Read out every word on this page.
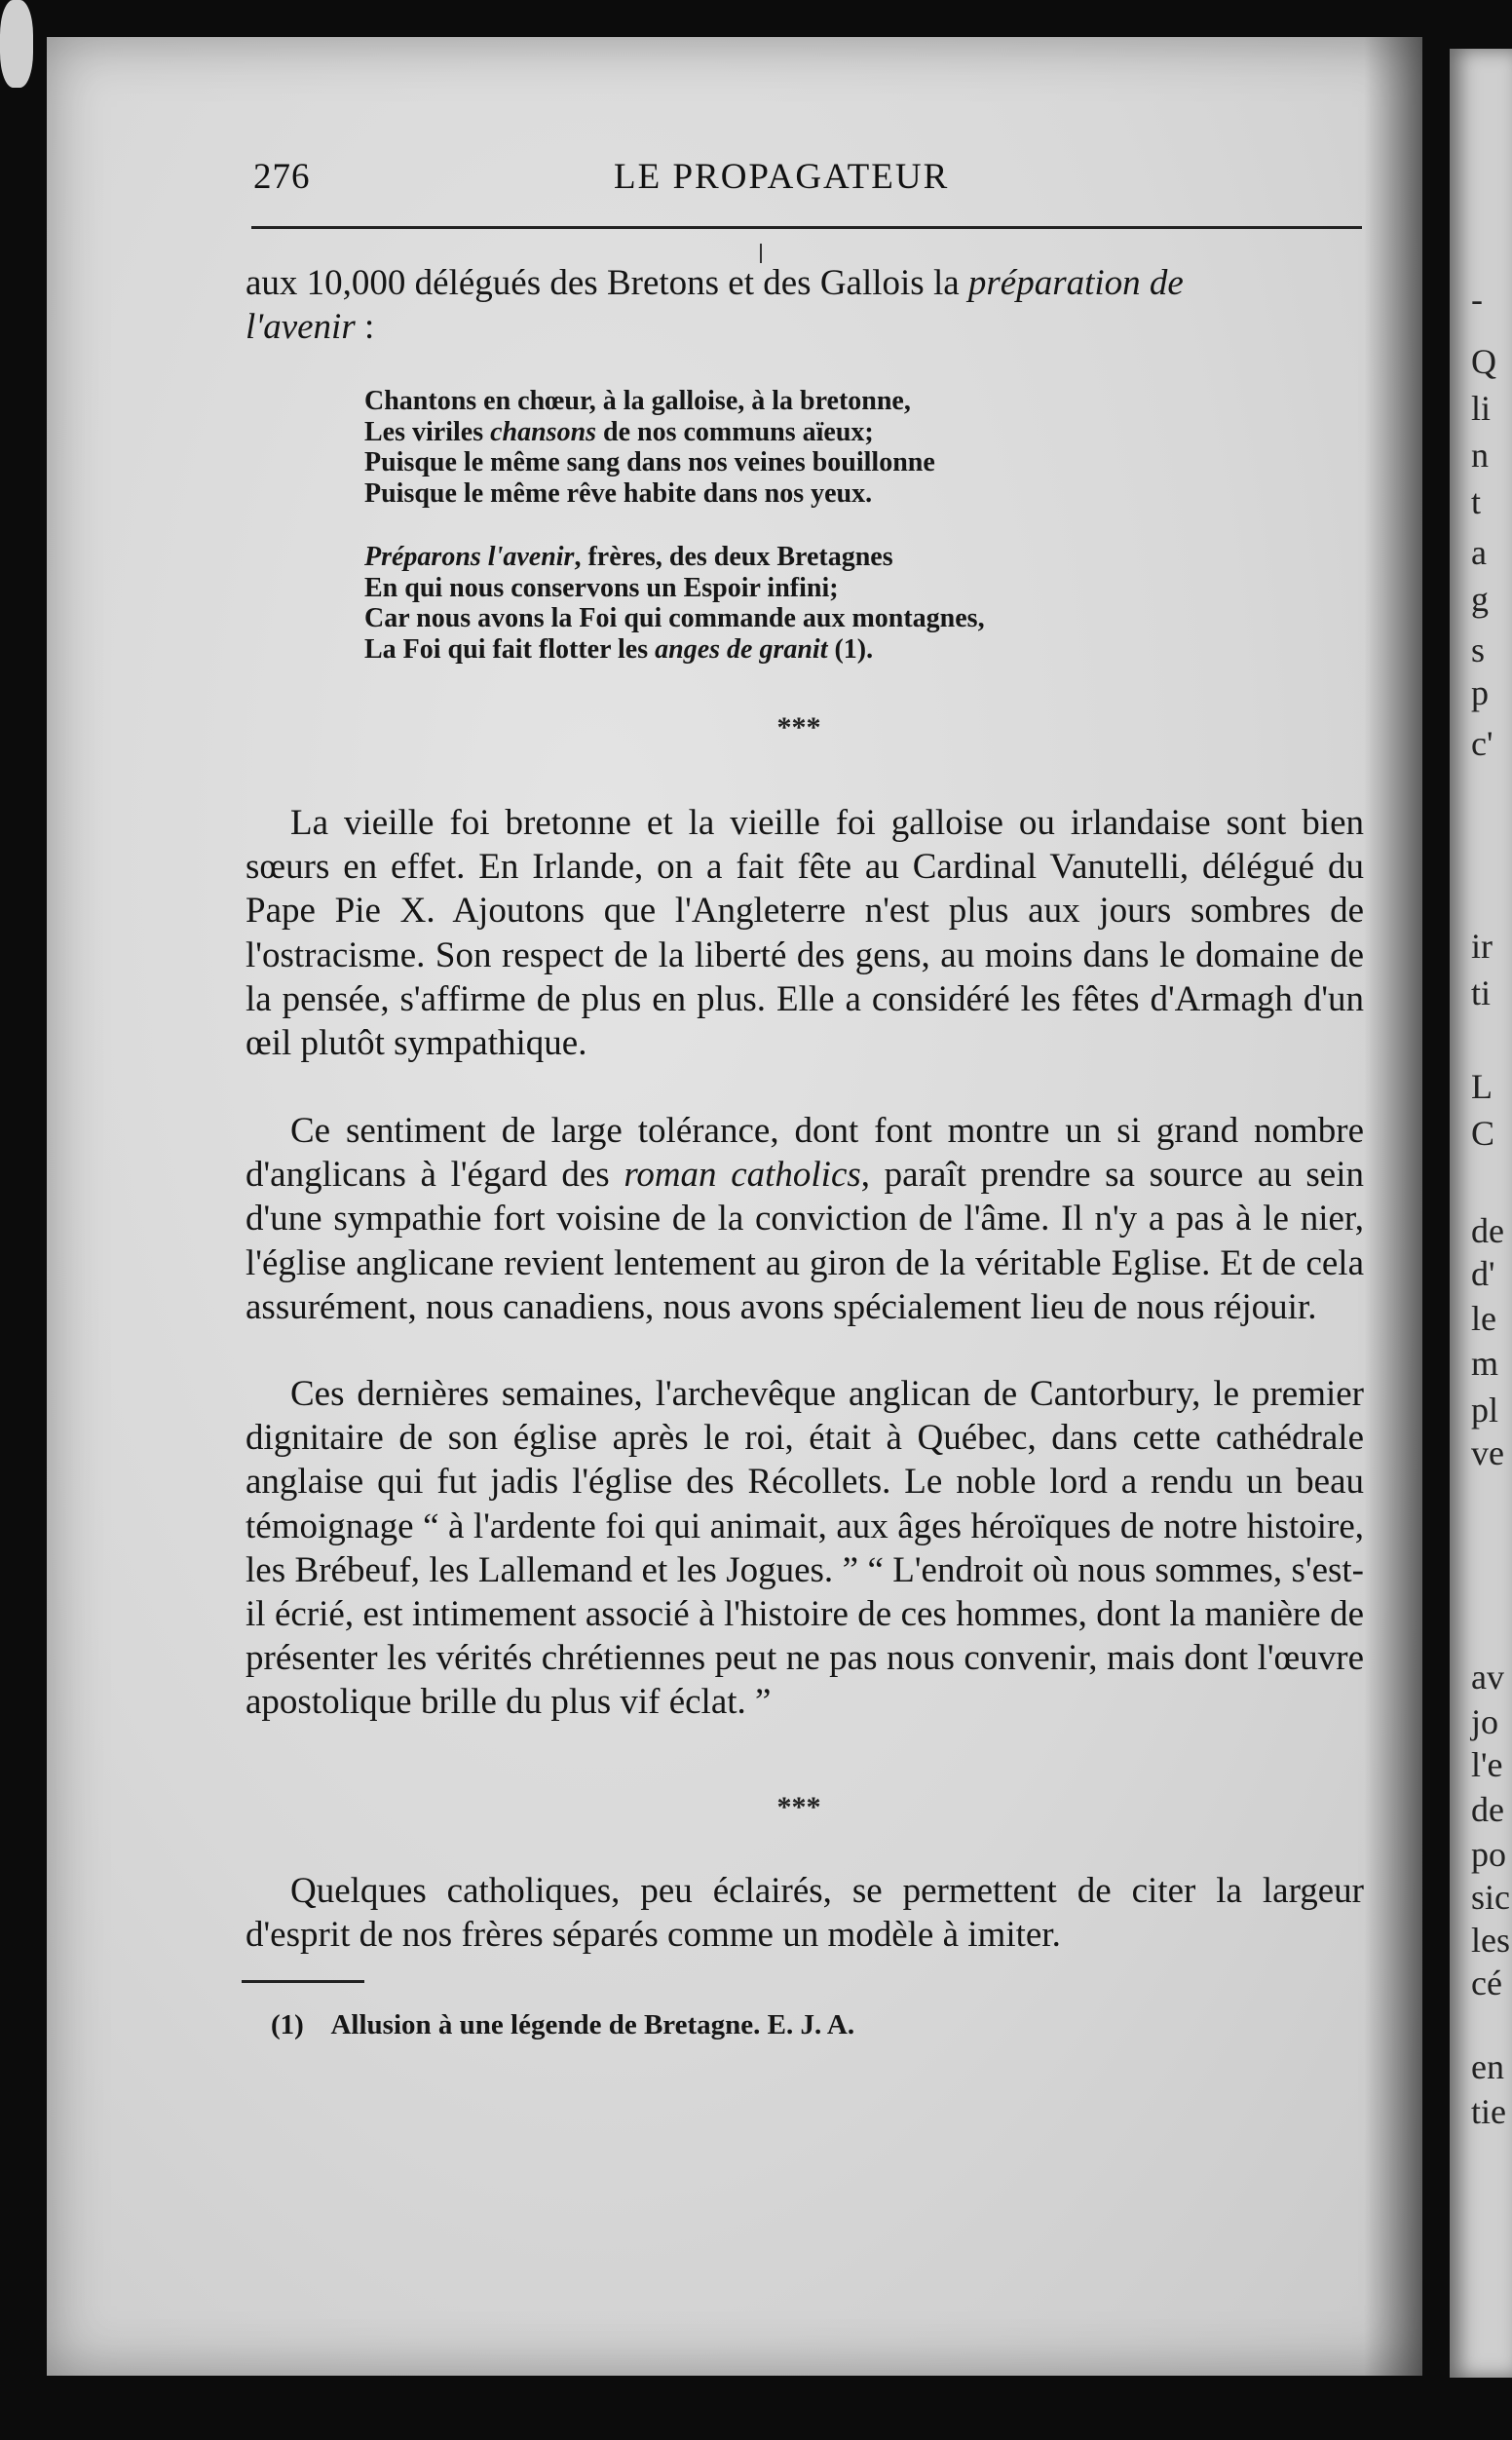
-
Q
li
n
t
a
g
s
p
c'
ir
ti
L
C
de
d'
le
m
pl
ve
av
jo
l'e
de
po
sic
les
cé
en
tie
276	LE PROPAGATEUR
aux 10,000 délégués des Bretons et des Gallois la préparation de
l'avenir :
Chantons en chœur, à la galloise, à la bretonne,
Les viriles chansons de nos communs aïeux;
Puisque le même sang dans nos veines bouillonne
Puisque le même rêve habite dans nos yeux.
Préparons l'avenir, frères, des deux Bretagnes
En qui nous conservons un Espoir infini;
Car nous avons la Foi qui commande aux montagnes,
La Foi qui fait flotter les anges de granit (1).
***
La vieille foi bretonne et la vieille foi galloise ou irlandaise sont bien sœurs en effet. En Irlande, on a fait fête au Cardinal Vanutelli, délégué du Pape Pie X. Ajoutons que l'Angleterre n'est plus aux jours sombres de l'ostracisme. Son respect de la liberté des gens, au moins dans le domaine de la pensée, s'affirme de plus en plus. Elle a considéré les fêtes d'Armagh d'un œil plutôt sympathique.
Ce sentiment de large tolérance, dont font montre un si grand nombre d'anglicans à l'égard des roman catholics, paraît prendre sa source au sein d'une sympathie fort voisine de la conviction de l'âme. Il n'y a pas à le nier, l'église anglicane revient lentement au giron de la véritable Eglise. Et de cela assurément, nous canadiens, nous avons spécialement lieu de nous réjouir.
Ces dernières semaines, l'archevêque anglican de Cantorbury, le premier dignitaire de son église après le roi, était à Québec, dans cette cathédrale anglaise qui fut jadis l'église des Récollets. Le noble lord a rendu un beau témoignage “ à l'ardente foi qui animait, aux âges héroïques de notre histoire, les Brébeuf, les Lallemand et les Jogues. ” “ L'endroit où nous sommes, s'est-il écrié, est intimement associé à l'histoire de ces hommes, dont la manière de présenter les vérités chrétiennes peut ne pas nous convenir, mais dont l'œuvre apostolique brille du plus vif éclat. ”
***
Quelques catholiques, peu éclairés, se permettent de citer la largeur d'esprit de nos frères séparés comme un modèle à imiter.
(1) Allusion à une légende de Bretagne. E. J. A.
